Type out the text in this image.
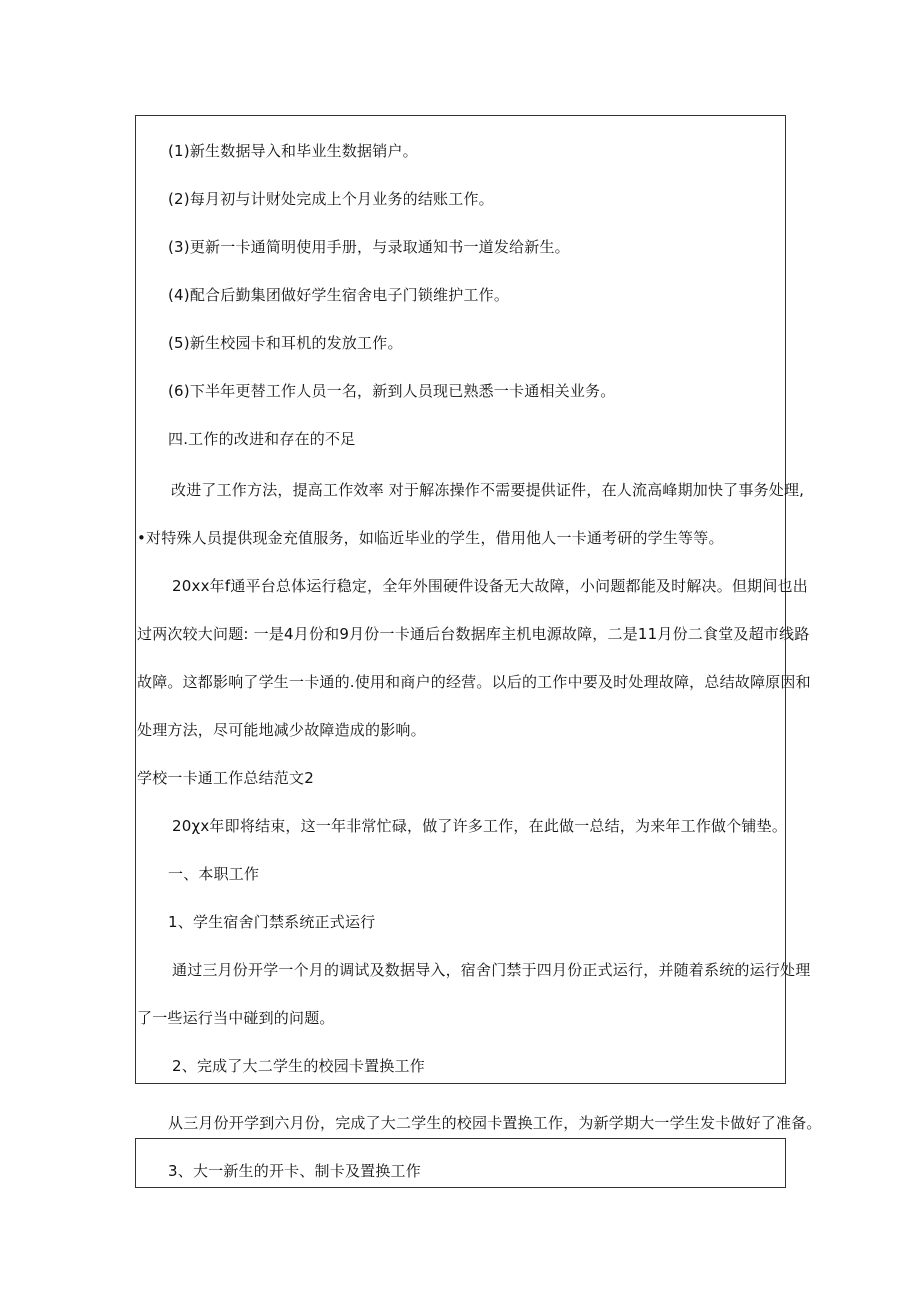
(1)新生数据导入和毕业生数据销户。
(2)每月初与计财处完成上个月业务的结账工作。
(3)更新一卡通简明使用手册，与录取通知书一道发给新生。
(4)配合后勤集团做好学生宿舍电子门锁维护工作。
(5)新生校园卡和耳机的发放工作。
(6)下半年更替工作人员一名，新到人员现已熟悉一卡通相关业务。
四.工作的改进和存在的不足
改进了工作方法，提高工作效率 对于解冻操作不需要提供证件，在人流高峰期加快了事务处理,
•对特殊人员提供现金充值服务，如临近毕业的学生，借用他人一卡通考研的学生等等。
20xx年f通平台总体运行稳定，全年外围硬件设备无大故障，小问题都能及时解决。但期间也出
过两次较大问题: 一是4月份和9月份一卡通后台数据库主机电源故障，二是11月份二食堂及超市线路
故障。这都影响了学生一卡通的.使用和商户的经营。以后的工作中要及时处理故障，总结故障原因和
处理方法，尽可能地减少故障造成的影响。
学校一卡通工作总结范文2
20χx年即将结束，这一年非常忙碌，做了许多工作，在此做一总结，为来年工作做个铺垫。
一、本职工作
1、学生宿舍门禁系统正式运行
通过三月份开学一个月的调试及数据导入，宿舍门禁于四月份正式运行，并随着系统的运行处理
了一些运行当中碰到的问题。
2、完成了大二学生的校园卡置换工作
从三月份开学到六月份，完成了大二学生的校园卡置换工作，为新学期大一学生发卡做好了准备。
3、大一新生的开卡、制卡及置换工作
